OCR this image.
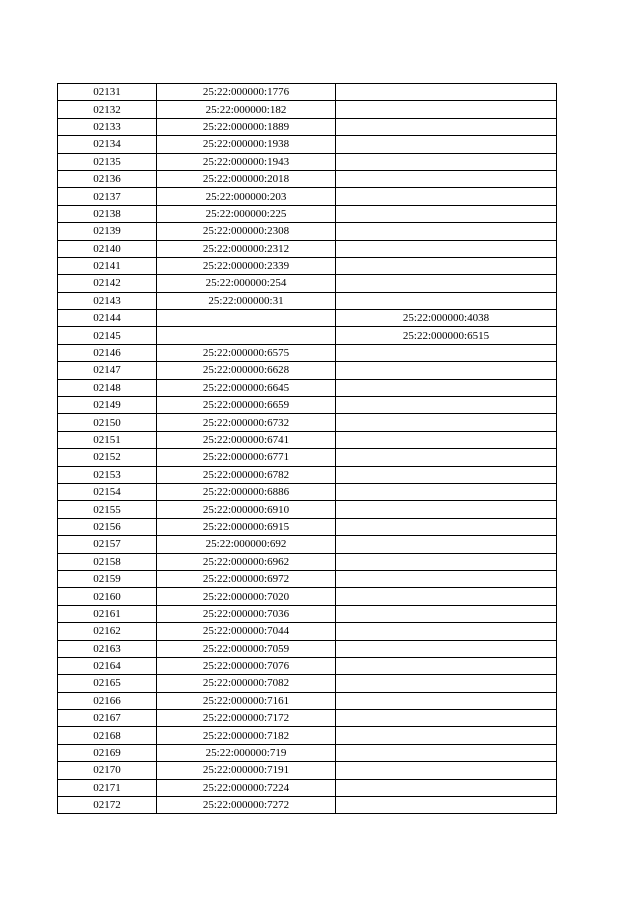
02131	25:22:000000:1776	
02132	25:22:000000:182	
02133	25:22:000000:1889	
02134	25:22:000000:1938	
02135	25:22:000000:1943	
02136	25:22:000000:2018	
02137	25:22:000000:203	
02138	25:22:000000:225	
02139	25:22:000000:2308	
02140	25:22:000000:2312	
02141	25:22:000000:2339	
02142	25:22:000000:254	
02143	25:22:000000:31	
02144		25:22:000000:4038
02145		25:22:000000:6515
02146	25:22:000000:6575	
02147	25:22:000000:6628	
02148	25:22:000000:6645	
02149	25:22:000000:6659	
02150	25:22:000000:6732	
02151	25:22:000000:6741	
02152	25:22:000000:6771	
02153	25:22:000000:6782	
02154	25:22:000000:6886	
02155	25:22:000000:6910	
02156	25:22:000000:6915	
02157	25:22:000000:692	
02158	25:22:000000:6962	
02159	25:22:000000:6972	
02160	25:22:000000:7020	
02161	25:22:000000:7036	
02162	25:22:000000:7044	
02163	25:22:000000:7059	
02164	25:22:000000:7076	
02165	25:22:000000:7082	
02166	25:22:000000:7161	
02167	25:22:000000:7172	
02168	25:22:000000:7182	
02169	25:22:000000:719	
02170	25:22:000000:7191	
02171	25:22:000000:7224	
02172	25:22:000000:7272	
